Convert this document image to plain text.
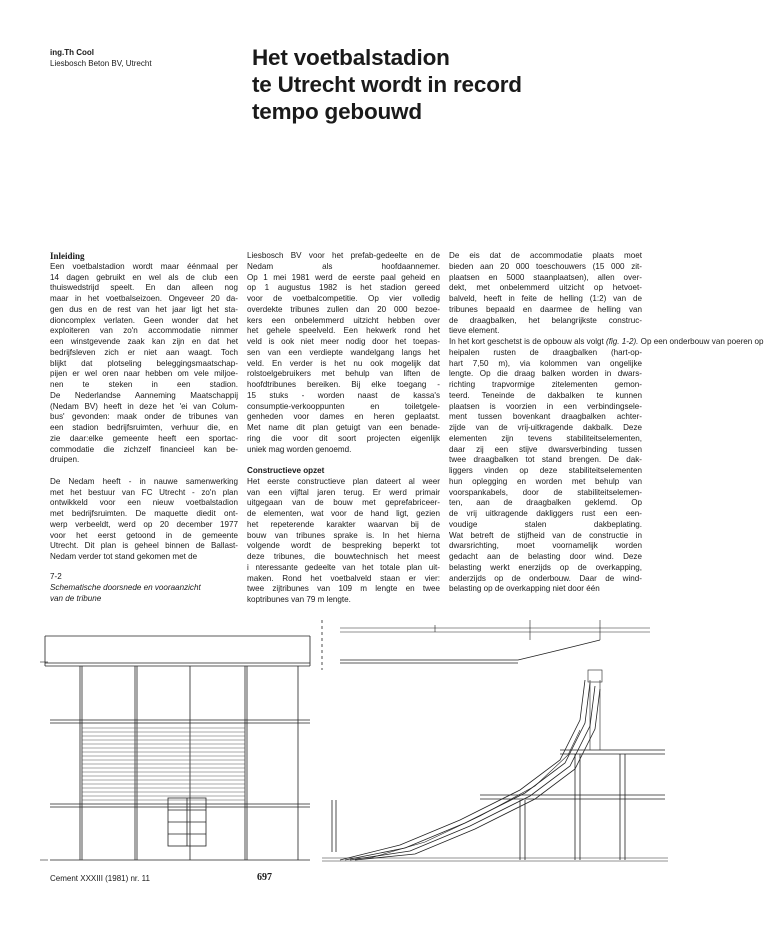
ing.Th Cool
Liesbosch Beton BV, Utrecht	Het voetbalstadion
te Utrecht wordt in record
tempo gebouwd
Inleiding

Een voetbalstadion wordt maar éénmaal per
14 dagen gebruikt en wel als de club een
thuiswedstrijd speelt. En dan alleen nog
maar in het voetbalseizoen. Ongeveer 20 da-
gen dus en de rest van het jaar ligt het sta-
dioncomplex verlaten. Geen wonder dat het
exploiteren van zo'n accommodatie nimmer
een winstgevende zaak kan zijn en dat het
bedrijfsleven zich er niet aan waagt. Toch
blijkt dat plotseling beleggingsmaatschap-
pijen er wel oren naar hebben om vele miljoe-
nen te steken in een stadion.
De Nederlandse Aanneming Maatschappij
(Nedam BV) heeft in deze het 'ei van Colum-
bus' gevonden: maak onder de tribunes van
een stadion bedrijfsruimten, verhuur die, en
zie daar:elke gemeente heeft een sportac-
commodatie die zichzelf financieel kan be-
druipen.

De Nedam heeft - in nauwe samenwerking
met het bestuur van FC Utrecht - zo'n plan
ontwikkeld voor een nieuw voetbalstadion
met bedrijfsruimten. De maquette diedit ont-
werp verbeeldt, werd op 20 december 1977
voor het eerst getoond in de gemeente
Utrecht. Dit plan is geheel binnen de Ballast-
Nedam verder tot stand gekomen met de

Liesbosch BV voor het prefab-gedeelte en de
Nedam als hoofdaannemer.
Op 1 mei 1981 werd de eerste paal geheid en
op 1 augustus 1982 is het stadion gereed
voor de voetbalcompetitie. Op vier volledig
overdekte tribunes zullen dan 20 000 bezoe-
kers een onbelemmerd uitzicht hebben over
het gehele speelveld. Een hekwerk rond het
veld is ook niet meer nodig door het toepas-
sen van een verdiepte wandelgang langs het
veld. En verder is het nu ook mogelijk dat
rolstoelgebruikers met behulp van liften de
hoofdtribunes bereiken. Bij elke toegang -
15 stuks - worden naast de kassa's
consumptie-verkooppunten en toiletgele-
genheden voor dames en heren geplaatst.
Met name dit plan getuigt van een benade-
ring die voor dit soort projecten eigenlijk
uniek mag worden genoemd.

Constructieve opzet

Het eerste constructieve plan dateert al weer
van een vijftal jaren terug. Er werd primair
uitgegaan van de bouw met geprefabriceer-
de elementen, wat voor de hand ligt, gezien
het repeterende karakter waarvan bij de
bouw van tribunes sprake is. In het hierna
volgende wordt de bespreking beperkt tot
deze tribunes, die bouwtechnisch het meest
i nteressante gedeelte van het totale plan uit-
maken. Rond het voetbalveld staan er vier:
twee zijtribunes van 109 m lengte en twee
koptribunes van 79 m lengte.

De eis dat de accommodatie plaats moet
bieden aan 20 000 toeschouwers (15 000 zit-
plaatsen en 5000 staanplaatsen), allen over-
dekt, met onbelemmerd uitzicht op hetvoet-
balveld, heeft in feite de helling (1:2) van de
tribunes bepaald en daarmee de helling van
de draagbalken, het belangrijkste construc-
tieve element.

In het kort geschetst is de opbouw als volgt (fig. 1-2). Op een onderbouw van poeren op
heipalen rusten de draagbalken (hart-op-
hart 7,50 m), via kolommen van ongelijke
lengte. Op die draag balken worden in dwars-
richting trapvormige zitelementen gemon-
teerd. Teneinde de dakbalken te kunnen
plaatsen is voorzien in een verbindingsele-
ment tussen bovenkant draagbalken achter-
zijde van de vrij-uitkragende dakbalk. Deze
elementen zijn tevens stabiliteitselementen,
daar zij een stijve dwarsverbinding tussen
twee draagbalken tot stand brengen. De dak-
liggers vinden op deze stabiliteitselementen
hun oplegging en worden met behulp van
voorspankabels, door de stabiliteitselemen-
ten, aan de draagbalken geklemd. Op
de vrij uitkragende dakliggers rust een een-
voudige stalen dakbeplating.
Wat betreft de stijfheid van de constructie in
dwarsrichting, moet voornamelijk worden
gedacht aan de belasting door wind. Deze
belasting werkt enerzijds op de overkapping,
anderzijds op de onderbouw. Daar de wind-
belasting op de overkapping niet door één

7-2
Schematische doorsnede en vooraanzicht
van de tribune
Cement XXXIII (1981) nr. 11	697
